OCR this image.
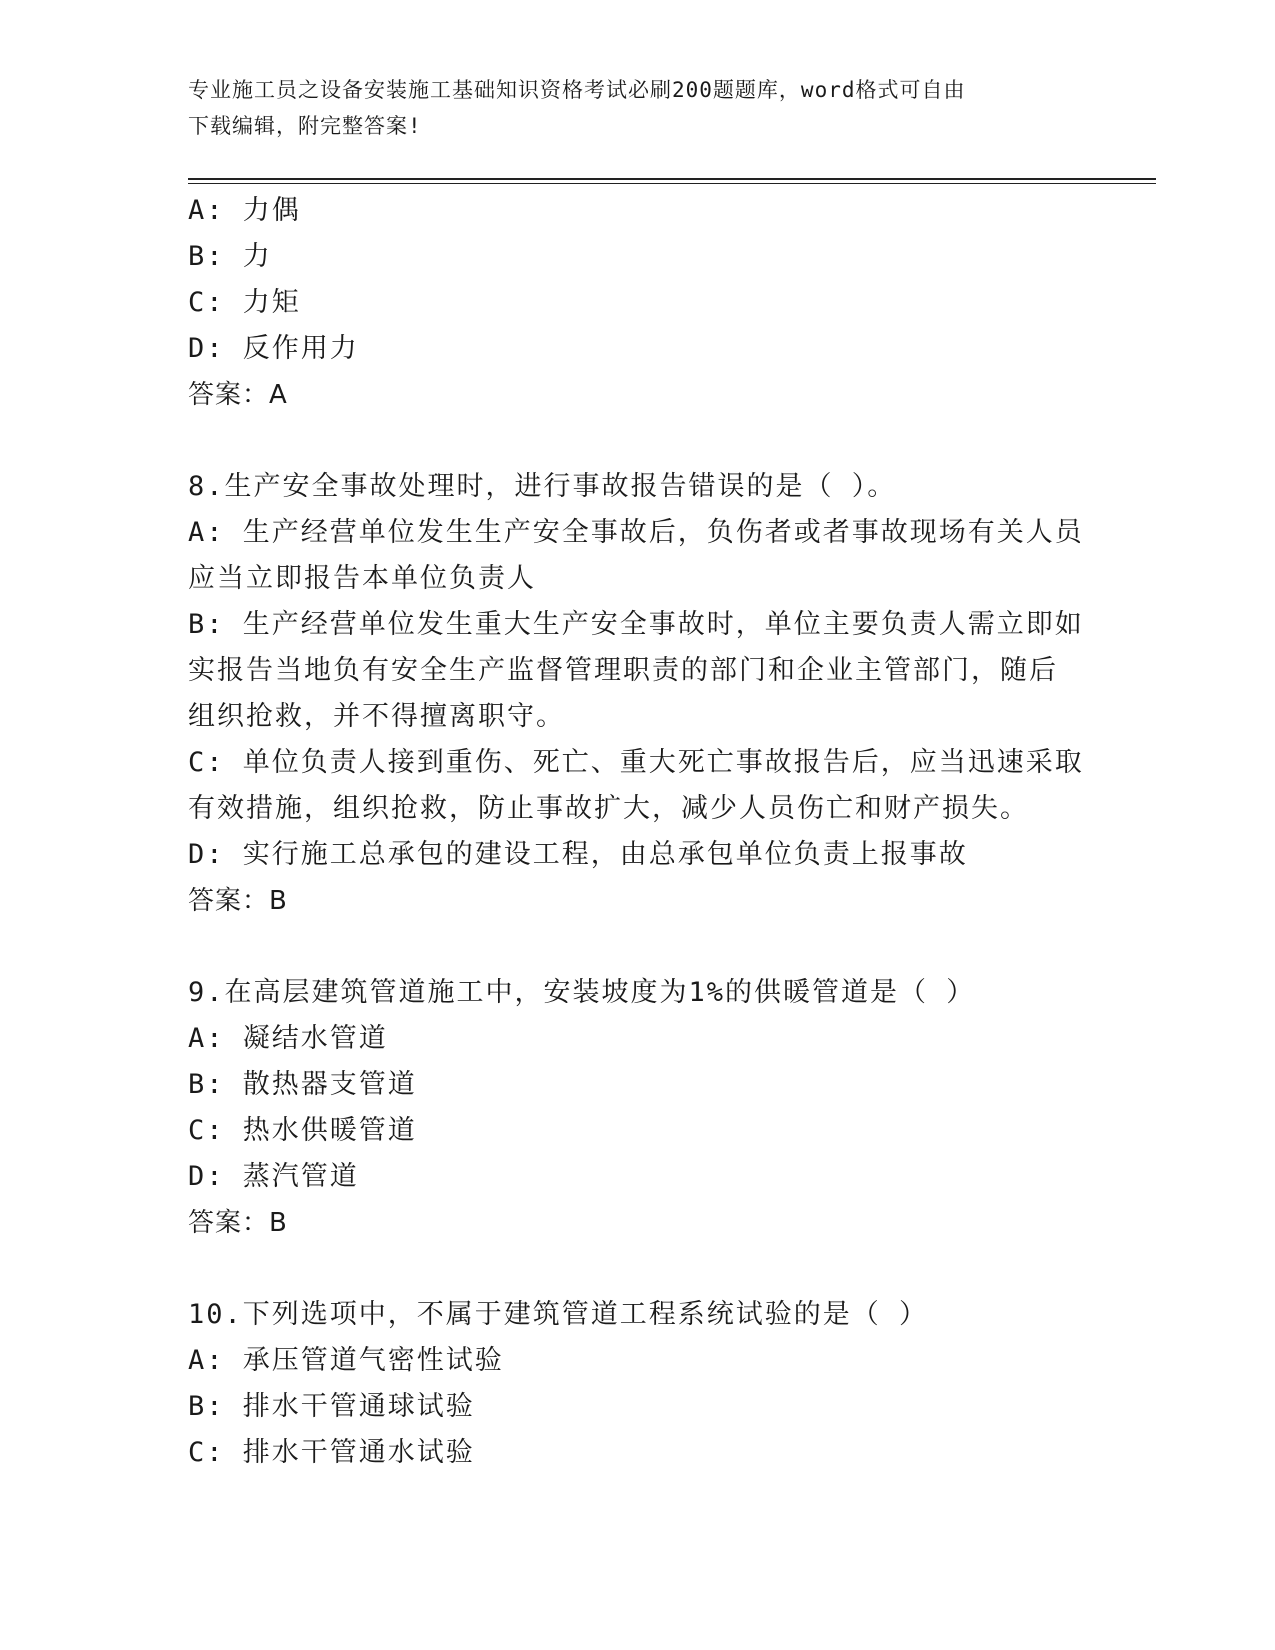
专业施工员之设备安装施工基础知识资格考试必刷200题题库，word格式可自由
下载编辑，附完整答案!
A: 力偶
B: 力
C: 力矩
D: 反作用力
答案：A
8.生产安全事故处理时，进行事故报告错误的是（ ）。
A: 生产经营单位发生生产安全事故后，负伤者或者事故现场有关人员
应当立即报告本单位负责人
B: 生产经营单位发生重大生产安全事故时，单位主要负责人需立即如
实报告当地负有安全生产监督管理职责的部门和企业主管部门，随后
组织抢救，并不得擅离职守。
C: 单位负责人接到重伤、死亡、重大死亡事故报告后，应当迅速采取
有效措施，组织抢救，防止事故扩大，减少人员伤亡和财产损失。
D: 实行施工总承包的建设工程，由总承包单位负责上报事故
答案：B
9.在高层建筑管道施工中，安装坡度为1%的供暖管道是（ ）
A: 凝结水管道
B: 散热器支管道
C: 热水供暖管道
D: 蒸汽管道
答案：B
10.下列选项中，不属于建筑管道工程系统试验的是（ ）
A: 承压管道气密性试验
B: 排水干管通球试验
C: 排水干管通水试验
